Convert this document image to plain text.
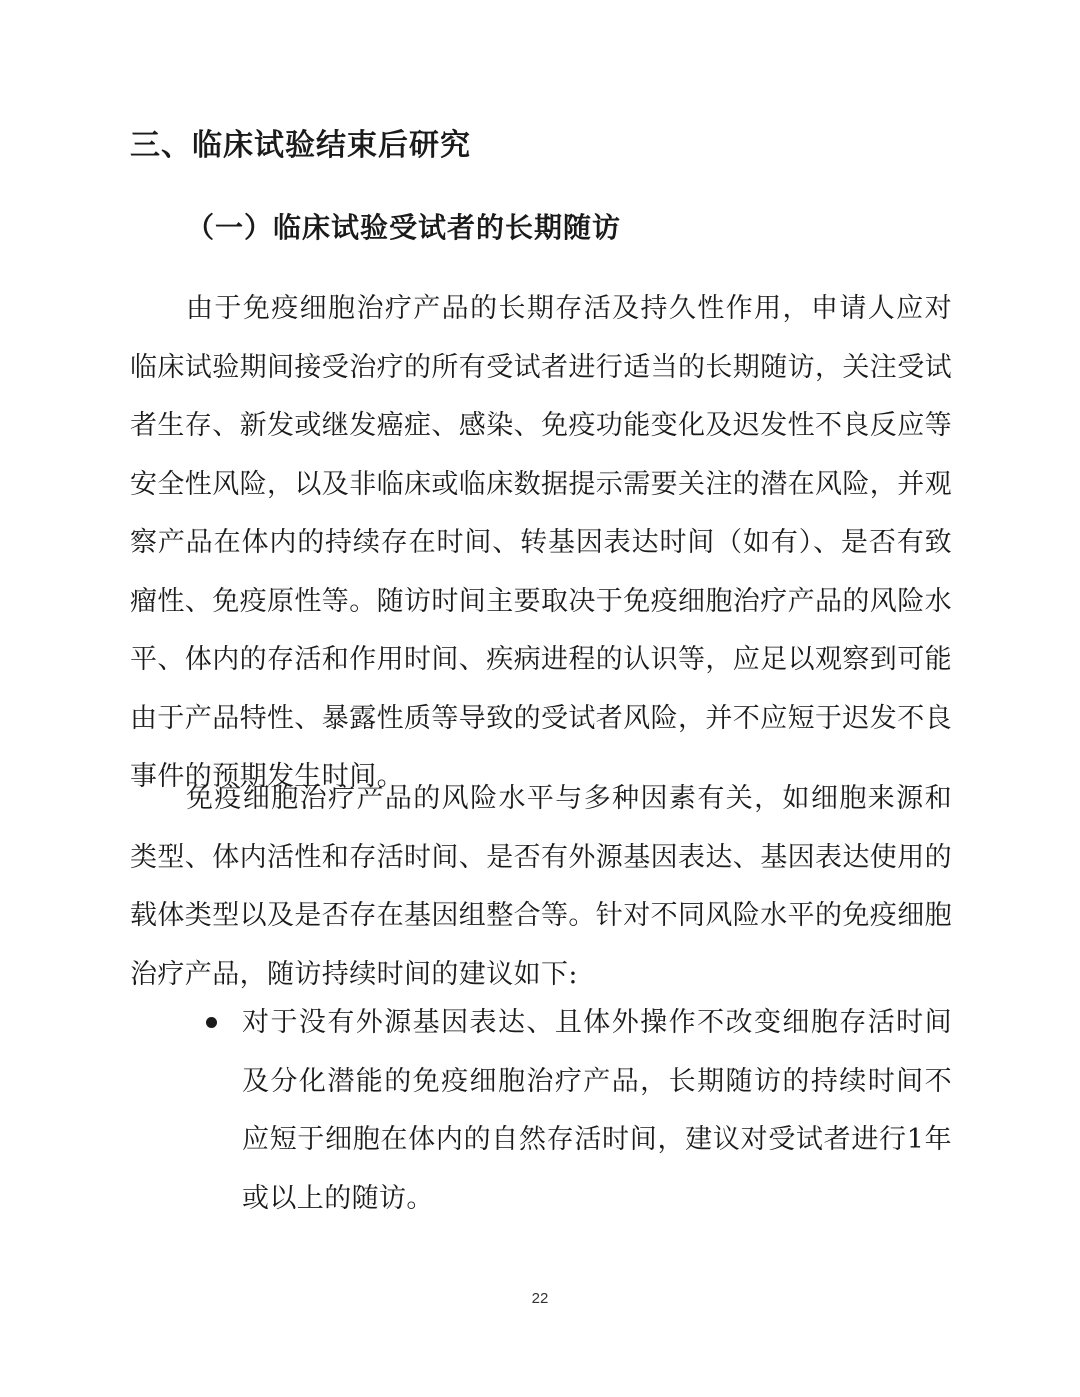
三、临床试验结束后研究
（一）临床试验受试者的长期随访

由于免疫细胞治疗产品的长期存活及持久性作用，申请人应对临床试验期间接受治疗的所有受试者进行适当的长期随访，关注受试者生存、新发或继发癌症、感染、免疫功能变化及迟发性不良反应等安全性风险，以及非临床或临床数据提示需要关注的潜在风险，并观察产品在体内的持续存在时间、转基因表达时间（如有）、是否有致瘤性、免疫原性等。随访时间主要取决于免疫细胞治疗产品的风险水平、体内的存活和作用时间、疾病进程的认识等，应足以观察到可能由于产品特性、暴露性质等导致的受试者风险，并不应短于迟发不良事件的预期发生时间。

免疫细胞治疗产品的风险水平与多种因素有关，如细胞来源和类型、体内活性和存活时间、是否有外源基因表达、基因表达使用的载体类型以及是否存在基因组整合等。针对不同风险水平的免疫细胞治疗产品，随访持续时间的建议如下:

对于没有外源基因表达、且体外操作不改变细胞存活时间及分化潜能的免疫细胞治疗产品，长期随访的持续时间不应短于细胞在体内的自然存活时间，建议对受试者进行1年或以上的随访。
22
